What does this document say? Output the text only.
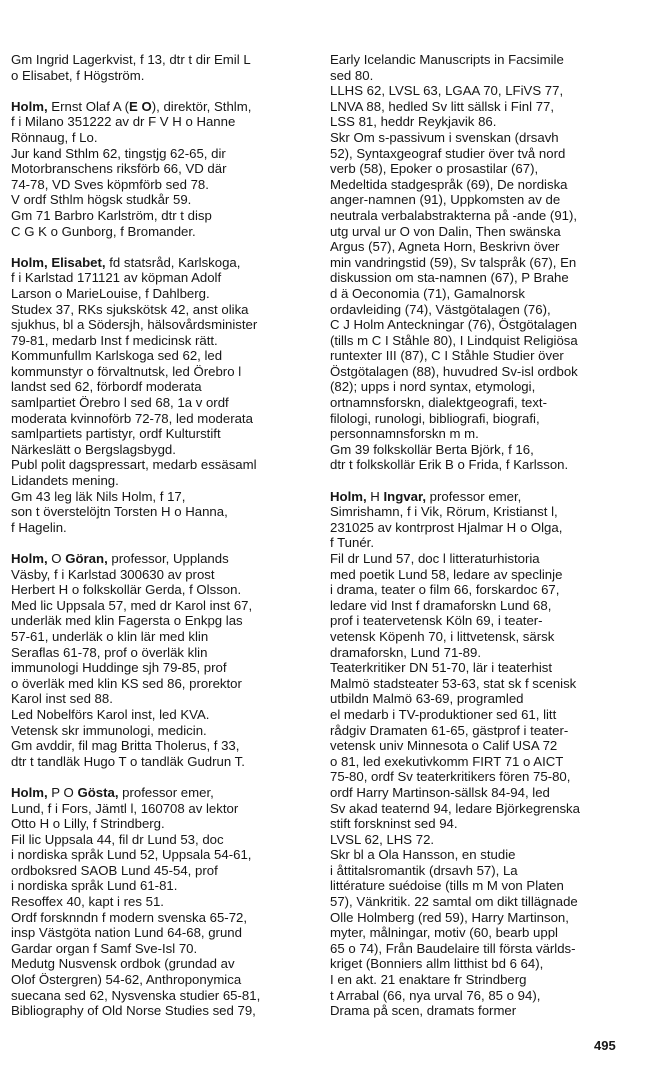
Gm Ingrid Lagerkvist, f 13, dtr t dir Emil L
o Elisabet, f Högström.
Holm, Ernst Olaf A (E O), direktör, Sthlm,
f i Milano 351222 av dr F V H o Hanne
Rönnaug, f Lo.
Jur kand Sthlm 62, tingstjg 62-65, dir
Motorbranschens riksförb 66, VD där
74-78, VD Sves köpmförb sed 78.
V ordf Sthlm högsk studkår 59.
Gm 71 Barbro Karlström, dtr t disp
C G K o Gunborg, f Bromander.
Holm, Elisabet, fd statsråd, Karlskoga,
f i Karlstad 171121 av köpman Adolf
Larson o MarieLouise, f Dahlberg.
Studex 37, RKs sjukskötsk 42, anst olika
sjukhus, bl a Södersjh, hälsovårdsminister
79-81, medarb Inst f medicinsk rätt.
Kommunfullm Karlskoga sed 62, led
kommunstyr o förvaltnutsk, led Örebro l
landst sed 62, förbordf moderata
samlpartiet Örebro l sed 68, 1a v ordf
moderata kvinnoförb 72-78, led moderata
samlpartiets partistyr, ordf Kulturstift
Närkeslätt o Bergslagsbygd.
Publ polit dagspressart, medarb essäsaml
Lidandets mening.
Gm 43 leg läk Nils Holm, f 17,
son t överstelöjtn Torsten H o Hanna,
f Hagelin.
Holm, O Göran, professor, Upplands
Väsby, f i Karlstad 300630 av prost
Herbert H o folkskollär Gerda, f Olsson.
Med lic Uppsala 57, med dr Karol inst 67,
underläk med klin Fagersta o Enkpg las
57-61, underläk o klin lär med klin
Seraflas 61-78, prof o överläk klin
immunologi Huddinge sjh 79-85, prof
o överläk med klin KS sed 86, prorektor
Karol inst sed 88.
Led Nobelförs Karol inst, led KVA.
Vetensk skr immunologi, medicin.
Gm avddir, fil mag Britta Tholerus, f 33,
dtr t tandläk Hugo T o tandläk Gudrun T.
Holm, P O Gösta, professor emer,
Lund, f i Fors, Jämtl l, 160708 av lektor
Otto H o Lilly, f Strindberg.
Fil lic Uppsala 44, fil dr Lund 53, doc
i nordiska språk Lund 52, Uppsala 54-61,
ordboksred SAOB Lund 45-54, prof
i nordiska språk Lund 61-81.
Resoffex 40, kapt i res 51.
Ordf forsknndn f modern svenska 65-72,
insp Västgöta nation Lund 64-68, grund
Gardar organ f Samf Sve-Isl 70.
Medutg Nusvensk ordbok (grundad av
Olof Östergren) 54-62, Anthroponymica
suecana sed 62, Nysvenska studier 65-81,
Bibliography of Old Norse Studies sed 79,
Early Icelandic Manuscripts in Facsimile
sed 80.
LLHS 62, LVSL 63, LGAA 70, LFiVS 77,
LNVA 88, hedled Sv litt sällsk i Finl 77,
LSS 81, heddr Reykjavik 86.
Skr Om s-passivum i svenskan (drsavh
52), Syntaxgeograf studier över två nord
verb (58), Epoker o prosastilar (67),
Medeltida stadgespråk (69), De nordiska
anger-namnen (91), Uppkomsten av de
neutrala verbalabstrakterna på -ande (91),
utg urval ur O von Dalin, Then swänska
Argus (57), Agneta Horn, Beskrivn över
min vandringstid (59), Sv talspråk (67), En
diskussion om sta-namnen (67), P Brahe
d ä Oeconomia (71), Gamalnorsk
ordavleiding (74), Västgötalagen (76),
C J Holm Anteckningar (76), Östgötalagen
(tills m C I Ståhle 80), I Lindquist Religiösa
runtexter III (87), C I Ståhle Studier över
Östgötalagen (88), huvudred Sv-isl ordbok
(82); upps i nord syntax, etymologi,
ortnamnsforskn, dialektgeografi, text-
filologi, runologi, bibliografi, biografi,
personnamnsforskn m m.
Gm 39 folkskollär Berta Björk, f 16,
dtr t folkskollär Erik B o Frida, f Karlsson.
Holm, H Ingvar, professor emer,
Simrishamn, f i Vik, Rörum, Kristianst l,
231025 av kontrprost Hjalmar H o Olga,
f Tunér.
Fil dr Lund 57, doc l litteraturhistoria
med poetik Lund 58, ledare av speclinje
i drama, teater o film 66, forskardoc 67,
ledare vid Inst f dramaforskn Lund 68,
prof i teatervetensk Köln 69, i teater-
vetensk Köpenh 70, i littvetensk, särsk
dramaforskn, Lund 71-89.
Teaterkritiker DN 51-70, lär i teaterhist
Malmö stadsteater 53-63, stat sk f scenisk
utbildn Malmö 63-69, programled
el medarb i TV-produktioner sed 61, litt
rådgiv Dramaten 61-65, gästprof i teater-
vetensk univ Minnesota o Calif USA 72
o 81, led exekutivkomm FIRT 71 o AICT
75-80, ordf Sv teaterkritikers fören 75-80,
ordf Harry Martinson-sällsk 84-94, led
Sv akad teaternd 94, ledare Björkegrenska
stift forskninst sed 94.
LVSL 62, LHS 72.
Skr bl a Ola Hansson, en studie
i åttitalsromantik (drsavh 57), La
littérature suédoise (tills m M von Platen
57), Vänkritik. 22 samtal om dikt tillägnade
Olle Holmberg (red 59), Harry Martinson,
myter, målningar, motiv (60, bearb uppl
65 o 74), Från Baudelaire till första världs-
kriget (Bonniers allm litthist bd 6 64),
I en akt. 21 enaktare fr Strindberg
t Arrabal (66, nya urval 76, 85 o 94),
Drama på scen, dramats former
495
